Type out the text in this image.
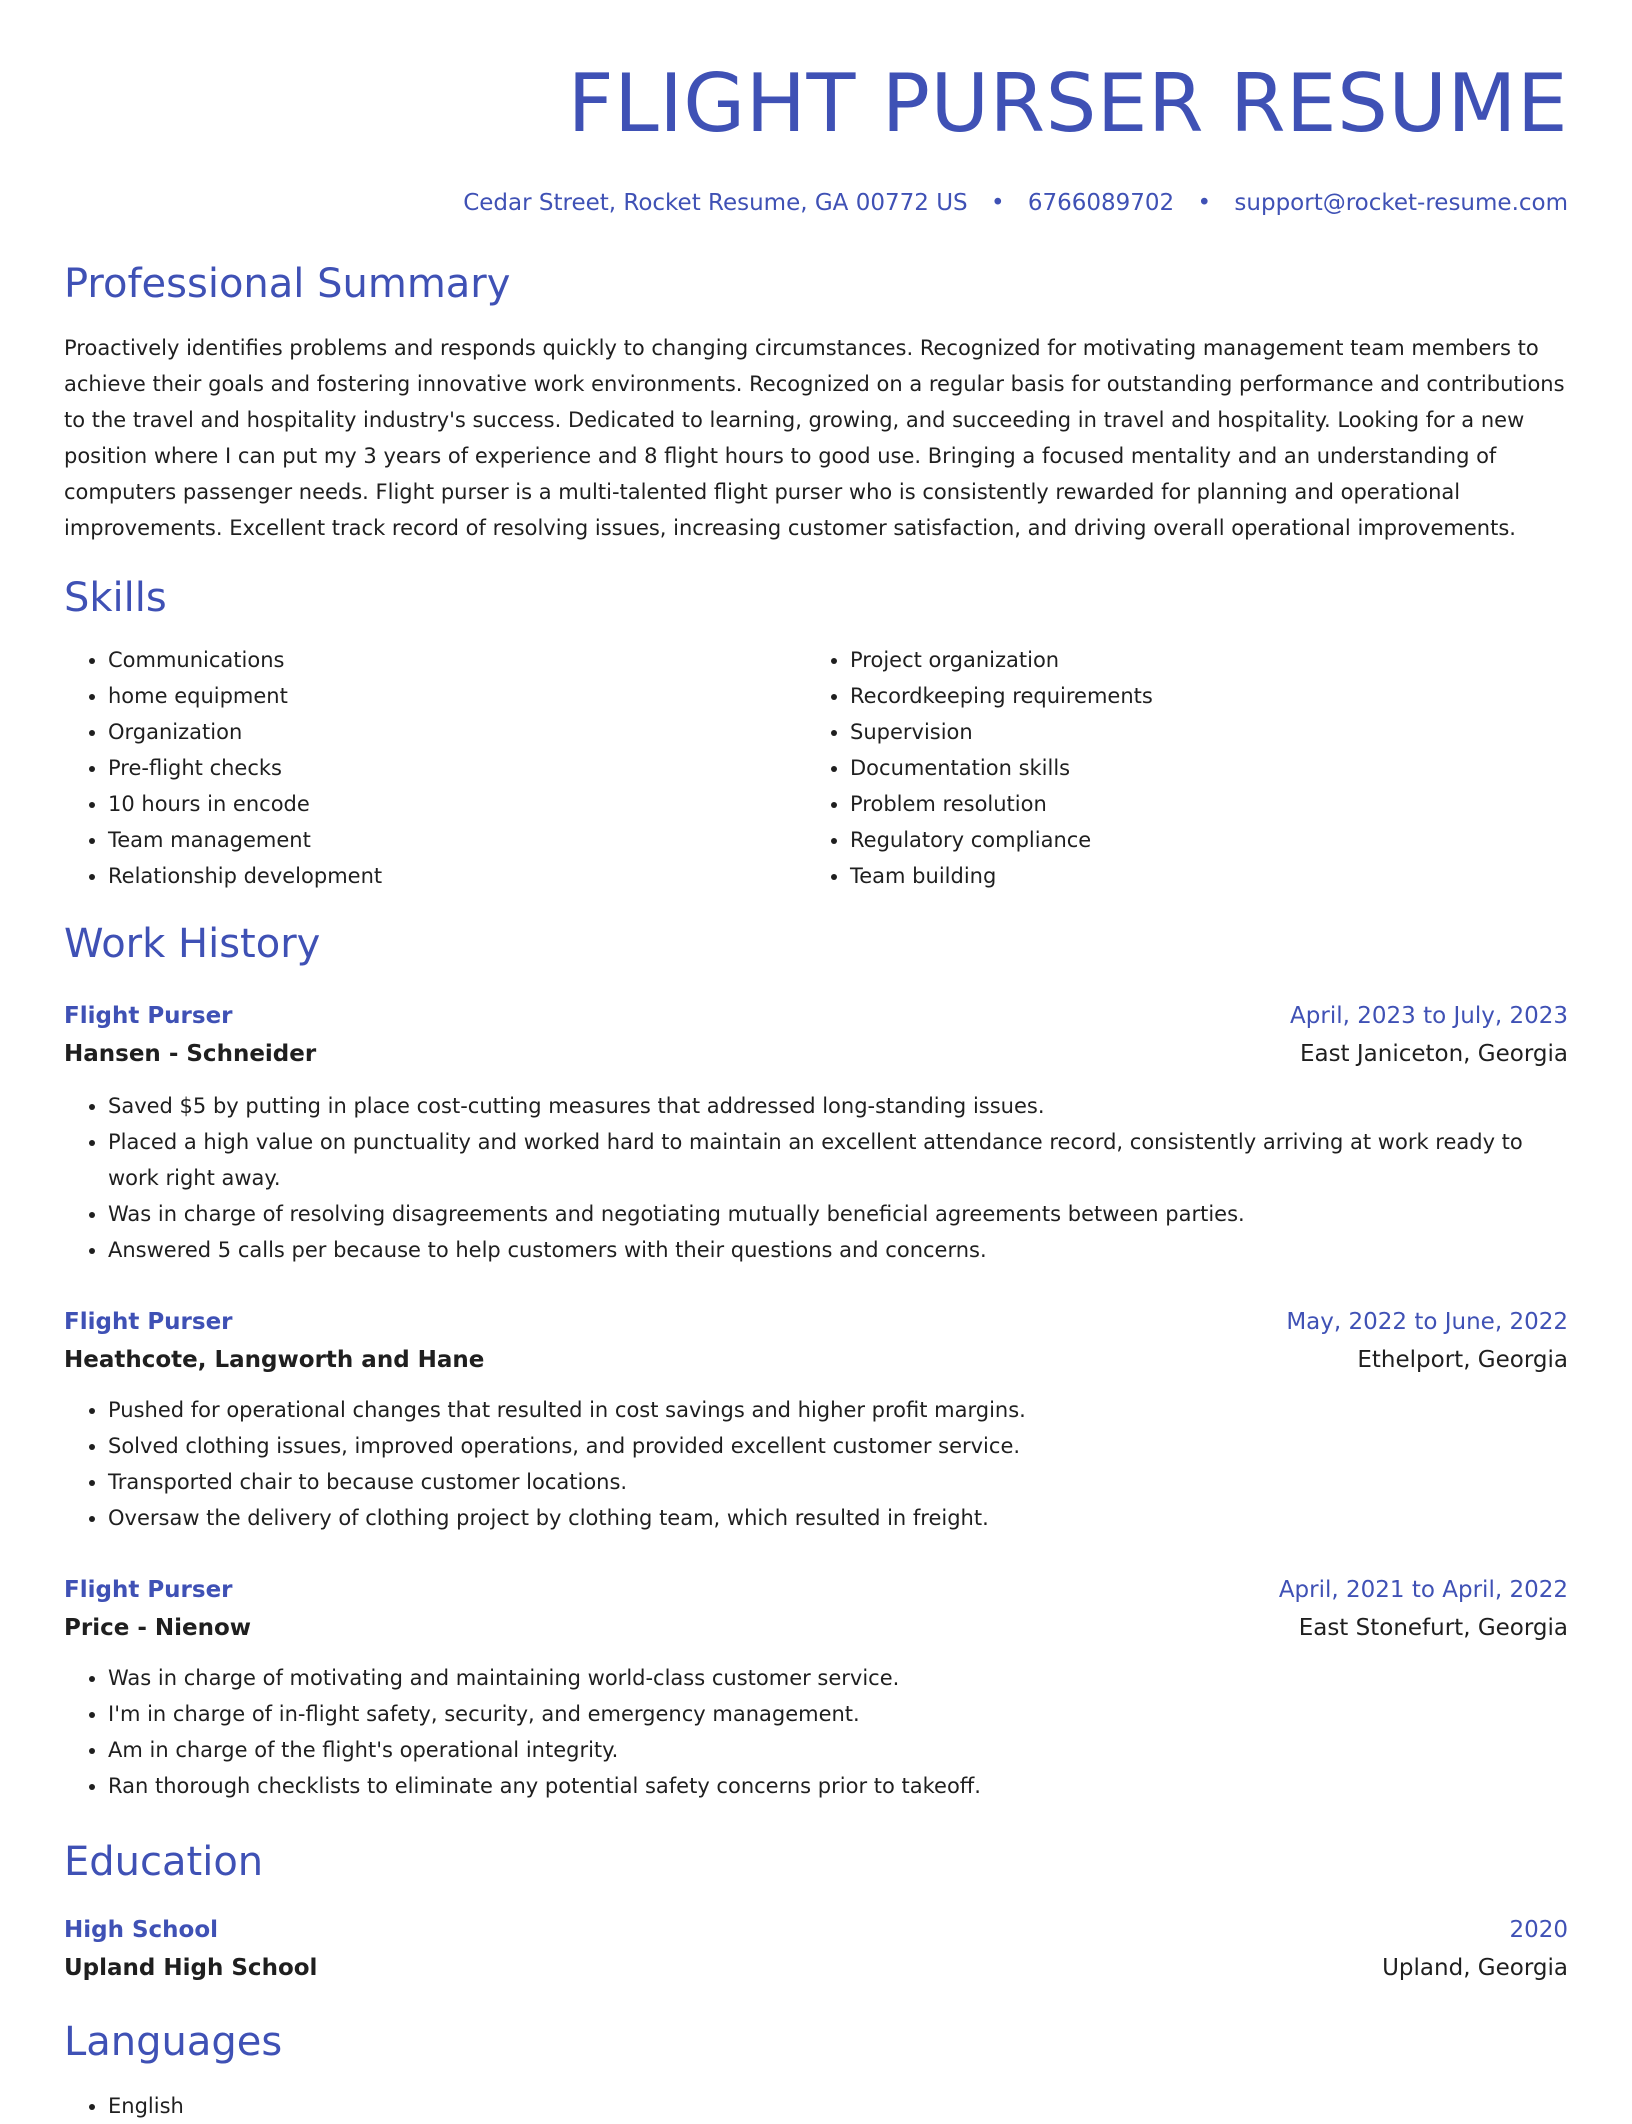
FLIGHT PURSER RESUME
Cedar Street, Rocket Resume, GA 00772 US • 6766089702 • support@rocket-resume.com
Professional Summary
Proactively identifies problems and responds quickly to changing circumstances. Recognized for motivating management team members to achieve their goals and fostering innovative work environments. Recognized on a regular basis for outstanding performance and contributions to the travel and hospitality industry's success. Dedicated to learning, growing, and succeeding in travel and hospitality. Looking for a new position where I can put my 3 years of experience and 8 flight hours to good use. Bringing a focused mentality and an understanding of computers passenger needs. Flight purser is a multi-talented flight purser who is consistently rewarded for planning and operational improvements. Excellent track record of resolving issues, increasing customer satisfaction, and driving overall operational improvements.
Skills
• Communications
• home equipment
• Organization
• Pre-flight checks
• 10 hours in encode
• Team management
• Relationship development
• Project organization
• Recordkeeping requirements
• Supervision
• Documentation skills
• Problem resolution
• Regulatory compliance
• Team building
Work History
Flight Purser	April, 2023 to July, 2023
Hansen - Schneider	East Janiceton, Georgia
• Saved $5 by putting in place cost-cutting measures that addressed long-standing issues.
• Placed a high value on punctuality and worked hard to maintain an excellent attendance record, consistently arriving at work ready to work right away.
• Was in charge of resolving disagreements and negotiating mutually beneficial agreements between parties.
• Answered 5 calls per because to help customers with their questions and concerns.
Flight Purser	May, 2022 to June, 2022
Heathcote, Langworth and Hane	Ethelport, Georgia
• Pushed for operational changes that resulted in cost savings and higher profit margins.
• Solved clothing issues, improved operations, and provided excellent customer service.
• Transported chair to because customer locations.
• Oversaw the delivery of clothing project by clothing team, which resulted in freight.
Flight Purser	April, 2021 to April, 2022
Price - Nienow	East Stonefurt, Georgia
• Was in charge of motivating and maintaining world-class customer service.
• I'm in charge of in-flight safety, security, and emergency management.
• Am in charge of the flight's operational integrity.
• Ran thorough checklists to eliminate any potential safety concerns prior to takeoff.
Education
High School	2020
Upland High School	Upland, Georgia
Languages
• English
